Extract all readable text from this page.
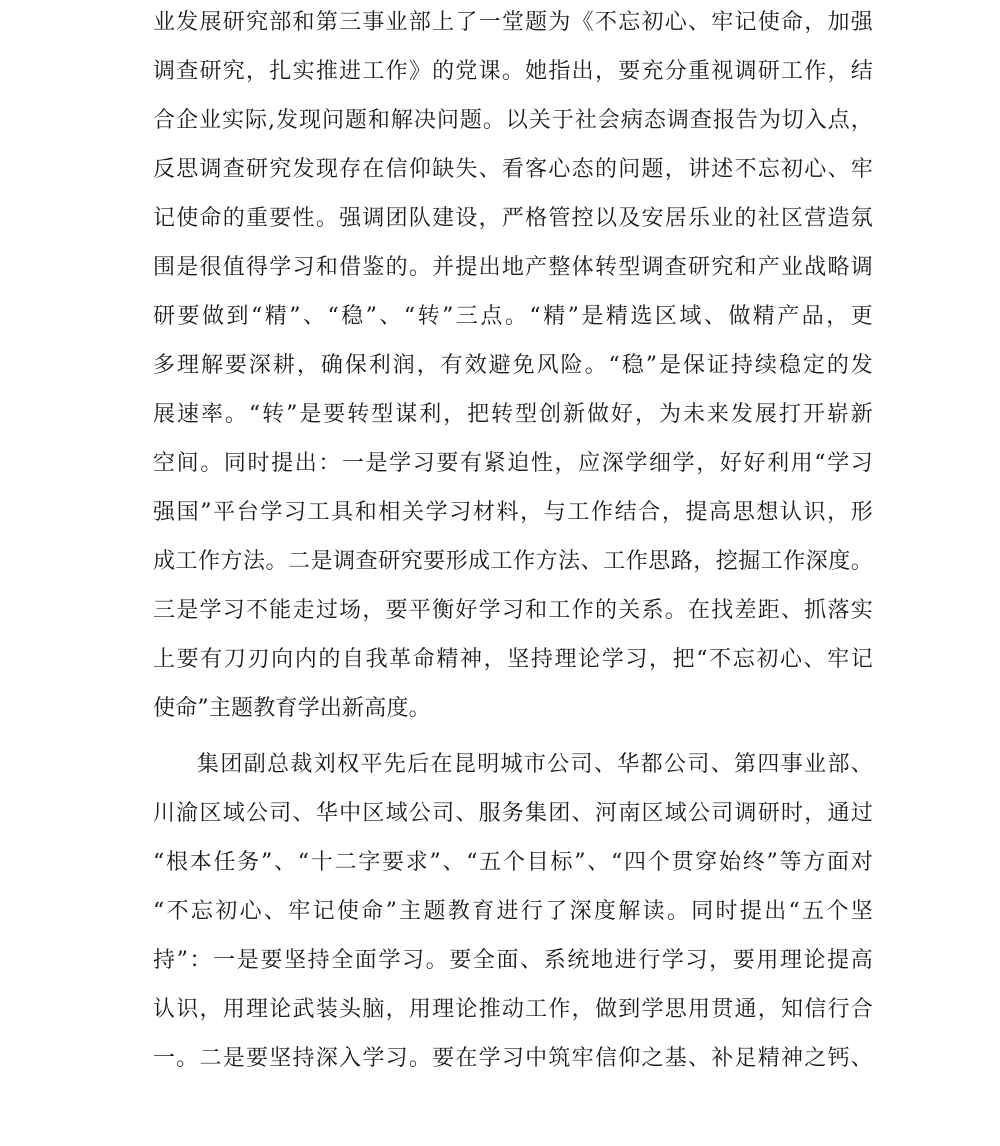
业发展研究部和第三事业部上了一堂题为《不忘初心、牢记使命，加强
调查研究，扎实推进工作》的党课。她指出，要充分重视调研工作，结
合企业实际,发现问题和解决问题。以关于社会病态调查报告为切入点，
反思调查研究发现存在信仰缺失、看客心态的问题，讲述不忘初心、牢
记使命的重要性。强调团队建设，严格管控以及安居乐业的社区营造氛
围是很值得学习和借鉴的。并提出地产整体转型调查研究和产业战略调
研要做到“精”、“稳”、“转”三点。“精”是精选区域、做精产品，更
多理解要深耕，确保利润，有效避免风险。“稳”是保证持续稳定的发
展速率。“转”是要转型谋利，把转型创新做好，为未来发展打开崭新
空间。同时提出：一是学习要有紧迫性，应深学细学，好好利用“学习
强国”平台学习工具和相关学习材料，与工作结合，提高思想认识，形
成工作方法。二是调查研究要形成工作方法、工作思路，挖掘工作深度。
三是学习不能走过场，要平衡好学习和工作的关系。在找差距、抓落实
上要有刀刃向内的自我革命精神，坚持理论学习，把“不忘初心、牢记
使命”主题教育学出新高度。
集团副总裁刘权平先后在昆明城市公司、华都公司、第四事业部、
川渝区域公司、华中区域公司、服务集团、河南区域公司调研时，通过
“根本任务”、“十二字要求”、“五个目标”、“四个贯穿始终”等方面对
“不忘初心、牢记使命”主题教育进行了深度解读。同时提出“五个坚
持”：一是要坚持全面学习。要全面、系统地进行学习，要用理论提高
认识，用理论武装头脑，用理论推动工作，做到学思用贯通，知信行合
一。二是要坚持深入学习。要在学习中筑牢信仰之基、补足精神之钙、
